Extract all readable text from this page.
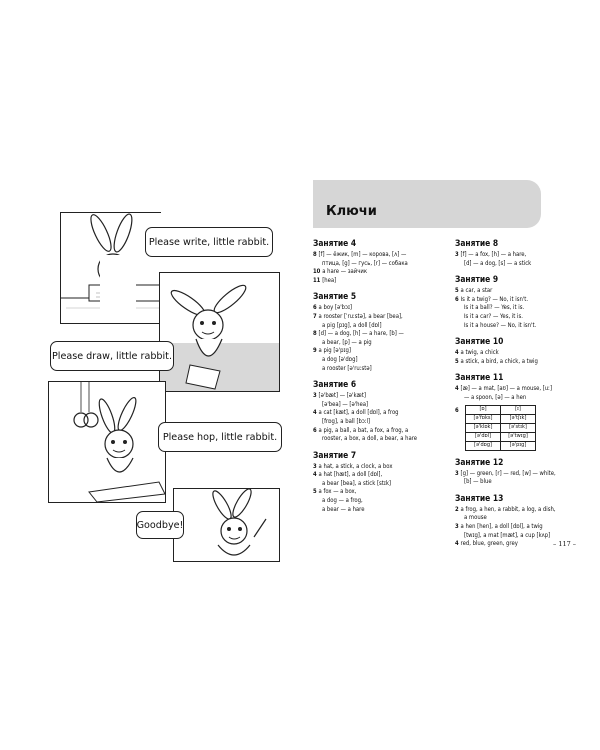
Please write, little rabbit.
Please draw, little rabbit.
Please hop, little rabbit.
Goodbye!
Ключи
Занятие 4
8 [f] — ёжик, [m] — корова, [ʌ] —
птица, [g] — гусь, [r] — собака
10 a hare — зайчик
11 [hea]
Занятие 5
6 a boy [ə'bɔɪ]
7 a rooster [ˈruːstə], a bear [bea],
a pig [pɪg], a doll [dɒl]
8 [d] — a dog, [h] — a hare, [b] —
a bear, [p] — a pig
9 a pig [ə'pɪg]
a dog [ə'dɒg]
a rooster [ə'ruːstə]
Занятие 6
3 [ə'bæt] — [ə'kæt]
[ə'bea] — [ə'hea]
4 a cat [kæt], a doll [dɒl], a frog
[frɒg], a ball [bɔːl]
6 a pig, a ball, a bat, a fox, a frog, a
rooster, a box, a doll, a bear, a hare
Занятие 7
3 a hat, a stick, a clock, a box
4 a hat [hæt], a doll [dɒl],
a bear [bea], a stick [stɪk]
5 a fox — a box,
a dog — a frog,
a bear — a hare
Занятие 8
3 [f] — a fox, [h] — a hare,
[d] — a dog, [s] — a stick
Занятие 9
5 a car, a star
6 Is it a twig? — No, it isn't.
Is it a ball? — Yes, it is.
Is it a car? — Yes, it is.
Is it a house? — No, it isn't.
Занятие 10
4 a twig, a chick
5 a stick, a bird, a chick, a twig
Занятие 11
4 [æ] — a mat, [aʊ] — a mouse, [uː]
— a spoon, [ə] — a hen
6	[ɒ]	[ɪ]
[ə'fɒks]	[ə'tʃɪk]
[ə'klɒk]	[ə'stɪk]
[ə'dɒl]	[ə'twɪg]
[ə'dɒg]	[ə'pɪg]
Занятие 12
3 [g] — green, [r] — red, [w] — white,
[b] — blue
Занятие 13
2 a frog, a hen, a rabbit, a log, a dish,
a mouse
3 a hen [hen], a doll [dɒl], a twig
[twɪg], a mat [mæt], a cup [kʌp]
4 red, blue, green, grey	– 117 –
